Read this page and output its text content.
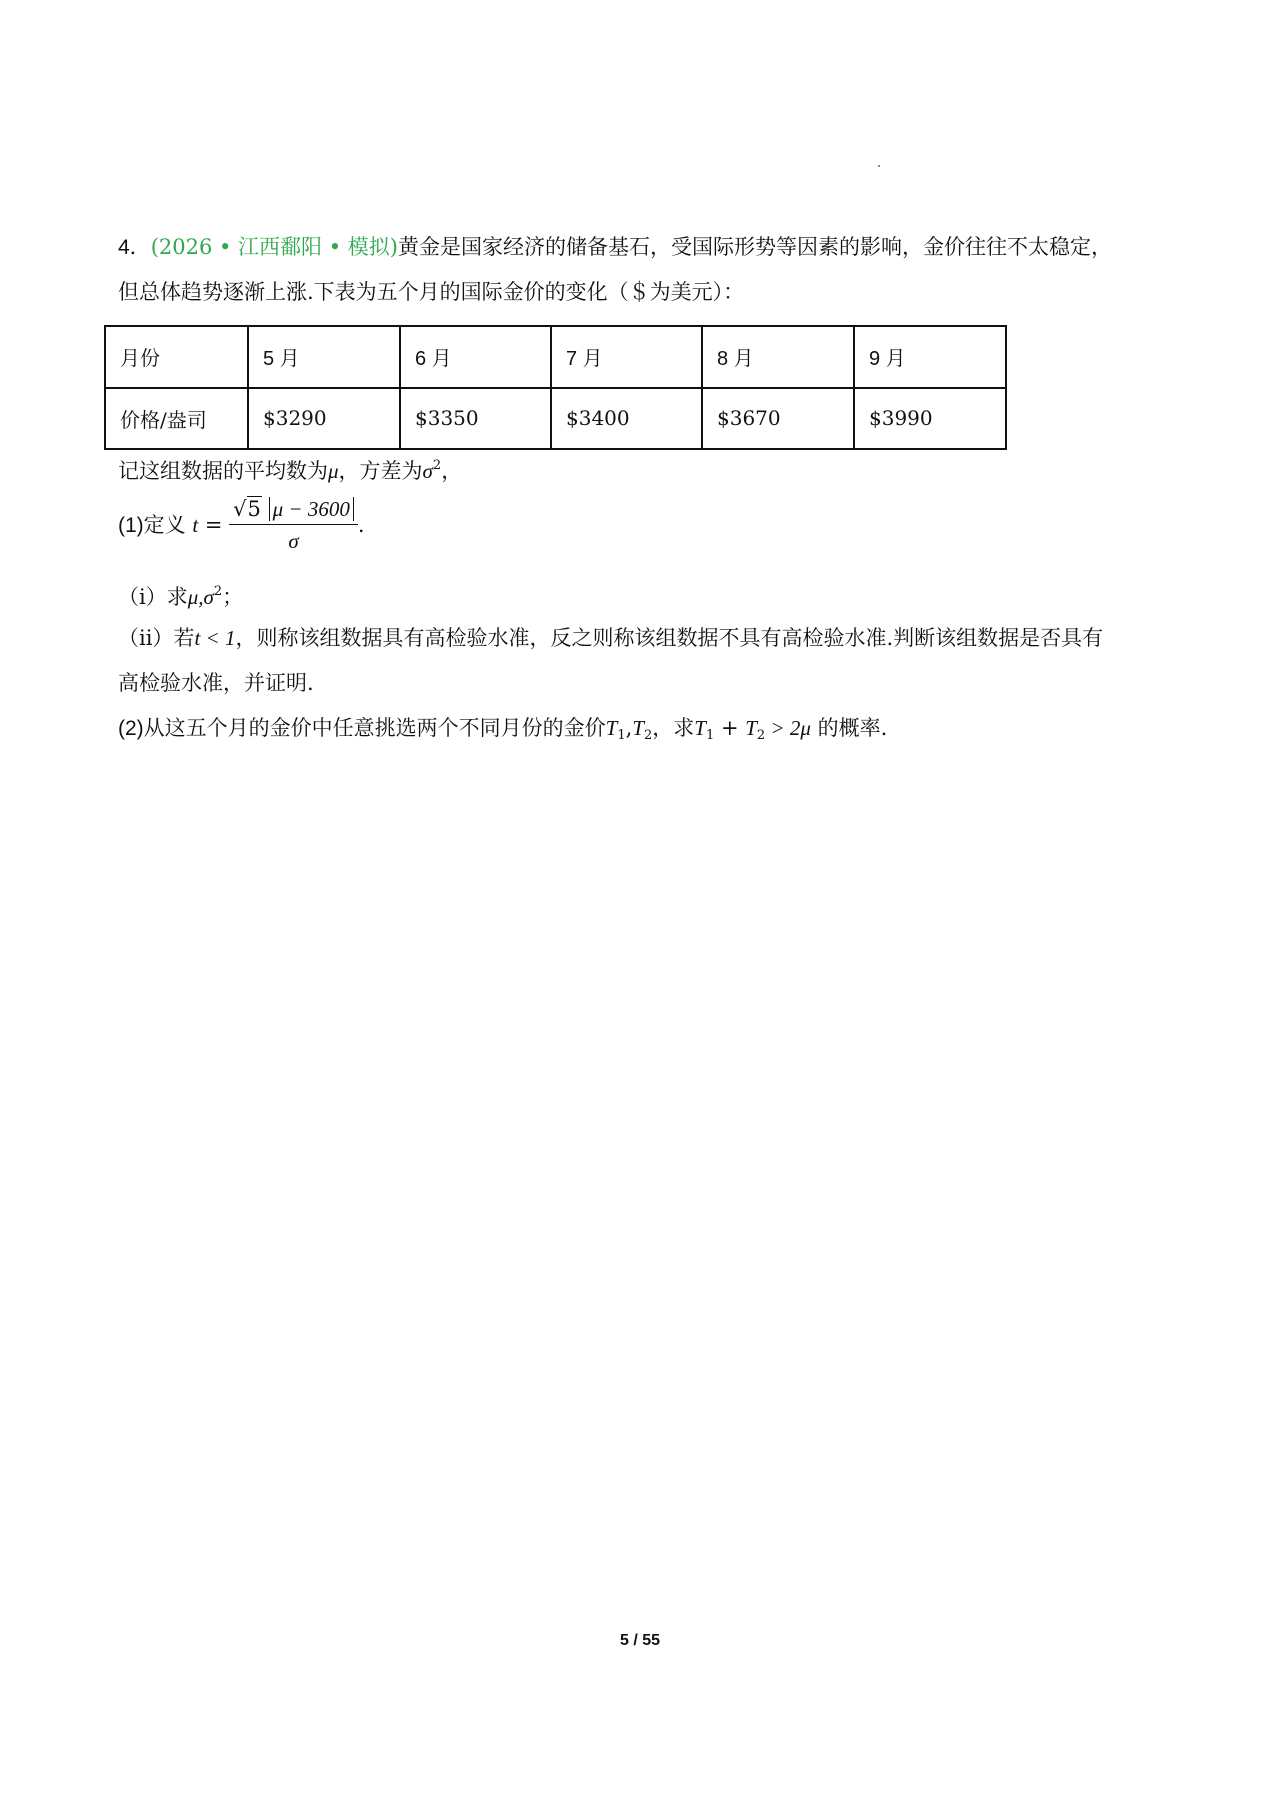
4．(2026 • 江西鄱阳 • 模拟)黄金是国家经济的储备基石，受国际形势等因素的影响，金价往往不太稳定，
但总体趋势逐渐上涨.下表为五个月的国际金价的变化（＄为美元）：
月份	5 月	6 月	7 月	8 月	9 月
价格/盎司	$3290	$3350	$3400	$3670	$3990
记这组数据的平均数为μ，方差为$\sigma^2$，
(1)定义 $t = \frac{√5 \mu - 3600}{\sigma}$ .
（i）求$\mu,\sigma^2$；
（ii）若t < 1，则称该组数据具有高检验水准，反之则称该组数据不具有高检验水准.判断该组数据是否具有
高检验水准，并证明.
(2)从这五个月的金价中任意挑选两个不同月份的金价$T_1,T_2$，求$T_1 + T_2 > 2\mu$ 的概率.
5 / 55
